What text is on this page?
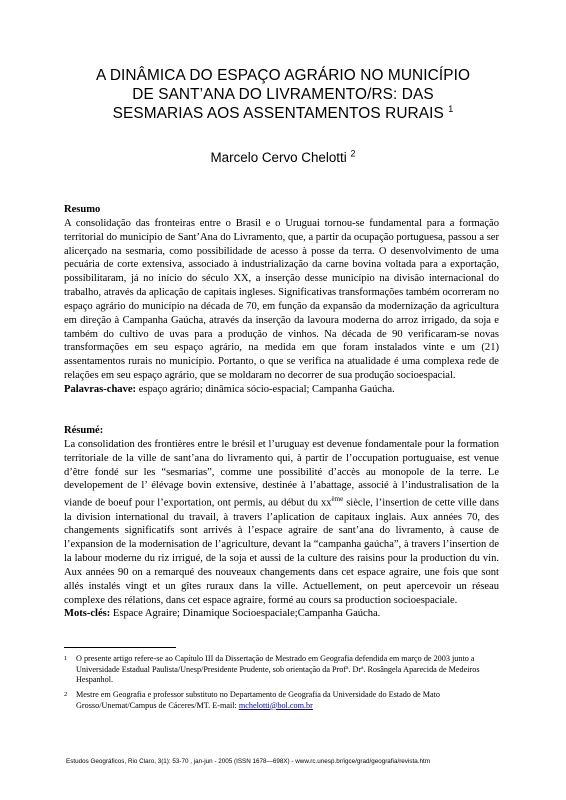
A DINÂMICA DO ESPAÇO AGRÁRIO NO MUNICÍPIO
DE SANT’ANA DO LIVRAMENTO/RS: DAS
SESMARIAS AOS ASSENTAMENTOS RURAIS $^1$
Marcelo Cervo Chelotti $^2$
Resumo
A consolidação das fronteiras entre o Brasil e o Uruguai tornou-se fundamental para a formação territorial do município de Sant’Ana do Livramento, que, a partir da ocupação portuguesa, passou a ser alicerçado na sesmaria, como possibilidade de acesso à posse da terra. O desenvolvimento de uma pecuária de corte extensiva, associado à industrialização da carne bovina voltada para a exportação, possibilitaram, já no início do século XX, a inserção desse município na divisão internacional do trabalho, através da aplicação de capitais ingleses. Significativas transformações também ocorreram no espaço agrário do município na década de 70, em função da expansão da modernização da agricultura em direção à Campanha Gaúcha, através da inserção da lavoura moderna do arroz irrigado, da soja e também do cultivo de uvas para a produção de vinhos. Na década de 90 verificaram-se novas transformações em seu espaço agrário, na medida em que foram instalados vinte e um (21) assentamentos rurais no município. Portanto, o que se verifica na atualidade é uma complexa rede de relações em seu espaço agrário, que se moldaram no decorrer de sua produção socioespacial.
Palavras-chave: espaço agrário; dinâmica sócio-espacial; Campanha Gaúcha.
Résumé:
La consolidation des frontières entre le brésil et l’uruguay est devenue fondamentale pour la formation territoriale de la ville de sant’ana do livramento qui, à partir de l’occupation portuguaise, est venue d’être fondé sur les “sesmarias”, comme une possibilité d’accès au monopole de la terre. Le developement de l’ élévage bovin extensive, destinée à l’abattage, associé à l’industralisation de la viande de boeuf pour l’exportation, ont permis, au début du $xx^{ème}$ siècle, l’insertion de cette ville dans la division international du travail, à travers l’aplication de capitaux inglais. Aux années 70, des changements significatifs sont arrivés à l’espace agraire de sant’ana do livramento, à cause de l’expansion de la modernisation de l’agriculture, devant la “campanha gaúcha”, à travers l’insertion de la labour moderne du riz irrigué, de la soja et aussi de la culture des raisins pour la production du vin. Aux années 90 on a remarqué des nouveaux changements dans cet espace agraire, une fois que sont allés instalés vingt et un gîtes ruraux dans la ville. Actuellement, on peut apercevoir un réseau complexe des rélations, dans cet espace agraire, formé au cours sa production socioespaciale.
Mots-clés: Espace Agraire; Dinamique Socioespaciale;Campanha Gaúcha.
1	O presente artigo refere-se ao Capítulo III da Dissertação de Mestrado em Geografia defendida em março de 2003 junto a Universidade Estadual Paulista/Unesp/Presidente Prudente, sob orientação da Profª. Drª. Rosângela Aparecida de Medeiros Hespanhol.
2	Mestre em Geografia e professor substituto no Departamento de Geografia da Universidade do Estado de Mato Grosso/Unemat/Campus de Cáceres/MT. E-mail: mchelotti@bol.com.br
Estudos Geográficos, Rio Claro, 3(1): 53-70 , jan-jun - 2005 (ISSN 1678—698X) - www.rc.unesp.br/igce/grad/geografia/revista.htm
